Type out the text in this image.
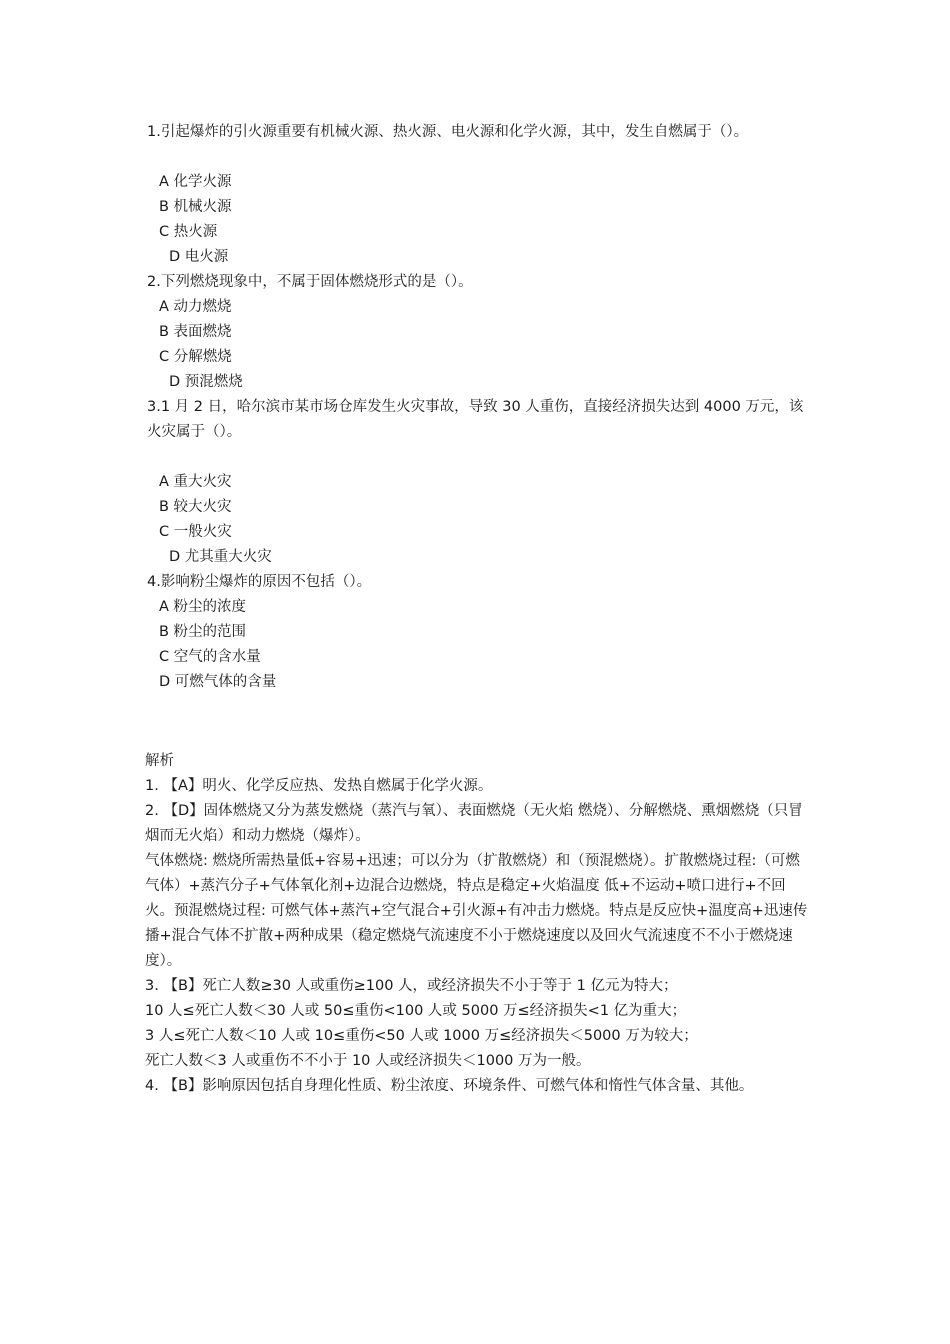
1.引起爆炸的引火源重要有机械火源、热火源、电火源和化学火源，其中，发生自燃属于（）。
A 化学火源
B 机械火源
C 热火源
D 电火源
2.下列燃烧现象中，不属于固体燃烧形式的是（）。
A 动力燃烧
B 表面燃烧
C 分解燃烧
D 预混燃烧
3.1 月 2 日，哈尔滨市某市场仓库发生火灾事故，导致 30 人重伤，直接经济损失达到 4000 万元，该火灾属于（）。
A 重大火灾
B 较大火灾
C 一般火灾
D 尤其重大火灾
4.影响粉尘爆炸的原因不包括（）。
A 粉尘的浓度
B 粉尘的范围
C 空气的含水量
D 可燃气体的含量
解析
1. 【A】明火、化学反应热、发热自燃属于化学火源。
2. 【D】固体燃烧又分为蒸发燃烧（蒸汽与氧）、表面燃烧（无火焰 燃烧）、分解燃烧、熏烟燃烧（只冒烟而无火焰）和动力燃烧（爆炸）。
气体燃烧: 燃烧所需热量低+容易+迅速；可以分为（扩散燃烧）和（预混燃烧）。扩散燃烧过程:（可燃气体）+蒸汽分子+气体氧化剂+边混合边燃烧，特点是稳定+火焰温度 低+不运动+喷口进行+不回火。预混燃烧过程: 可燃气体+蒸汽+空气混合+引火源+有冲击力燃烧。特点是反应快+温度高+迅速传播+混合气体不扩散+两种成果（稳定燃烧气流速度不小于燃烧速度以及回火气流速度不不小于燃烧速度）。
3. 【B】死亡人数≥30 人或重伤≥100 人，或经济损失不小于等于 1 亿元为特大；
10 人≤死亡人数＜30 人或 50≤重伤<100 人或 5000 万≤经济损失<1 亿为重大；
3 人≤死亡人数＜10 人或 10≤重伤<50 人或 1000 万≤经济损失＜5000 万为较大；
死亡人数＜3 人或重伤不不小于 10 人或经济损失＜1000 万为一般。
4. 【B】影响原因包括自身理化性质、粉尘浓度、环境条件、可燃气体和惰性气体含量、其他。
